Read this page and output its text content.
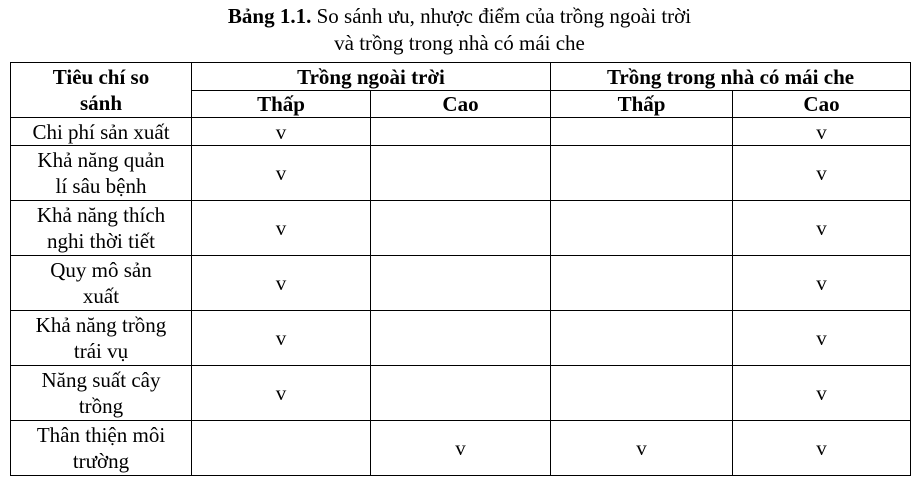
Bảng 1.1. So sánh ưu, nhược điểm của trồng ngoài trời
và trồng trong nhà có mái che
Tiêu chí so
sánh	Trồng ngoài trời		Trồng trong nhà có mái che	
	Thấp	Cao	Thấp	Cao

Chi phí sản xuất	v			v

Khả năng quản
lí sâu bệnh	v			v

Khả năng thích
nghi thời tiết	v			v

Quy mô sản
xuất	v			v

Khả năng trồng
trái vụ	v			v

Năng suất cây
trồng	v			v

Thân thiện môi
trường		v	v	v
